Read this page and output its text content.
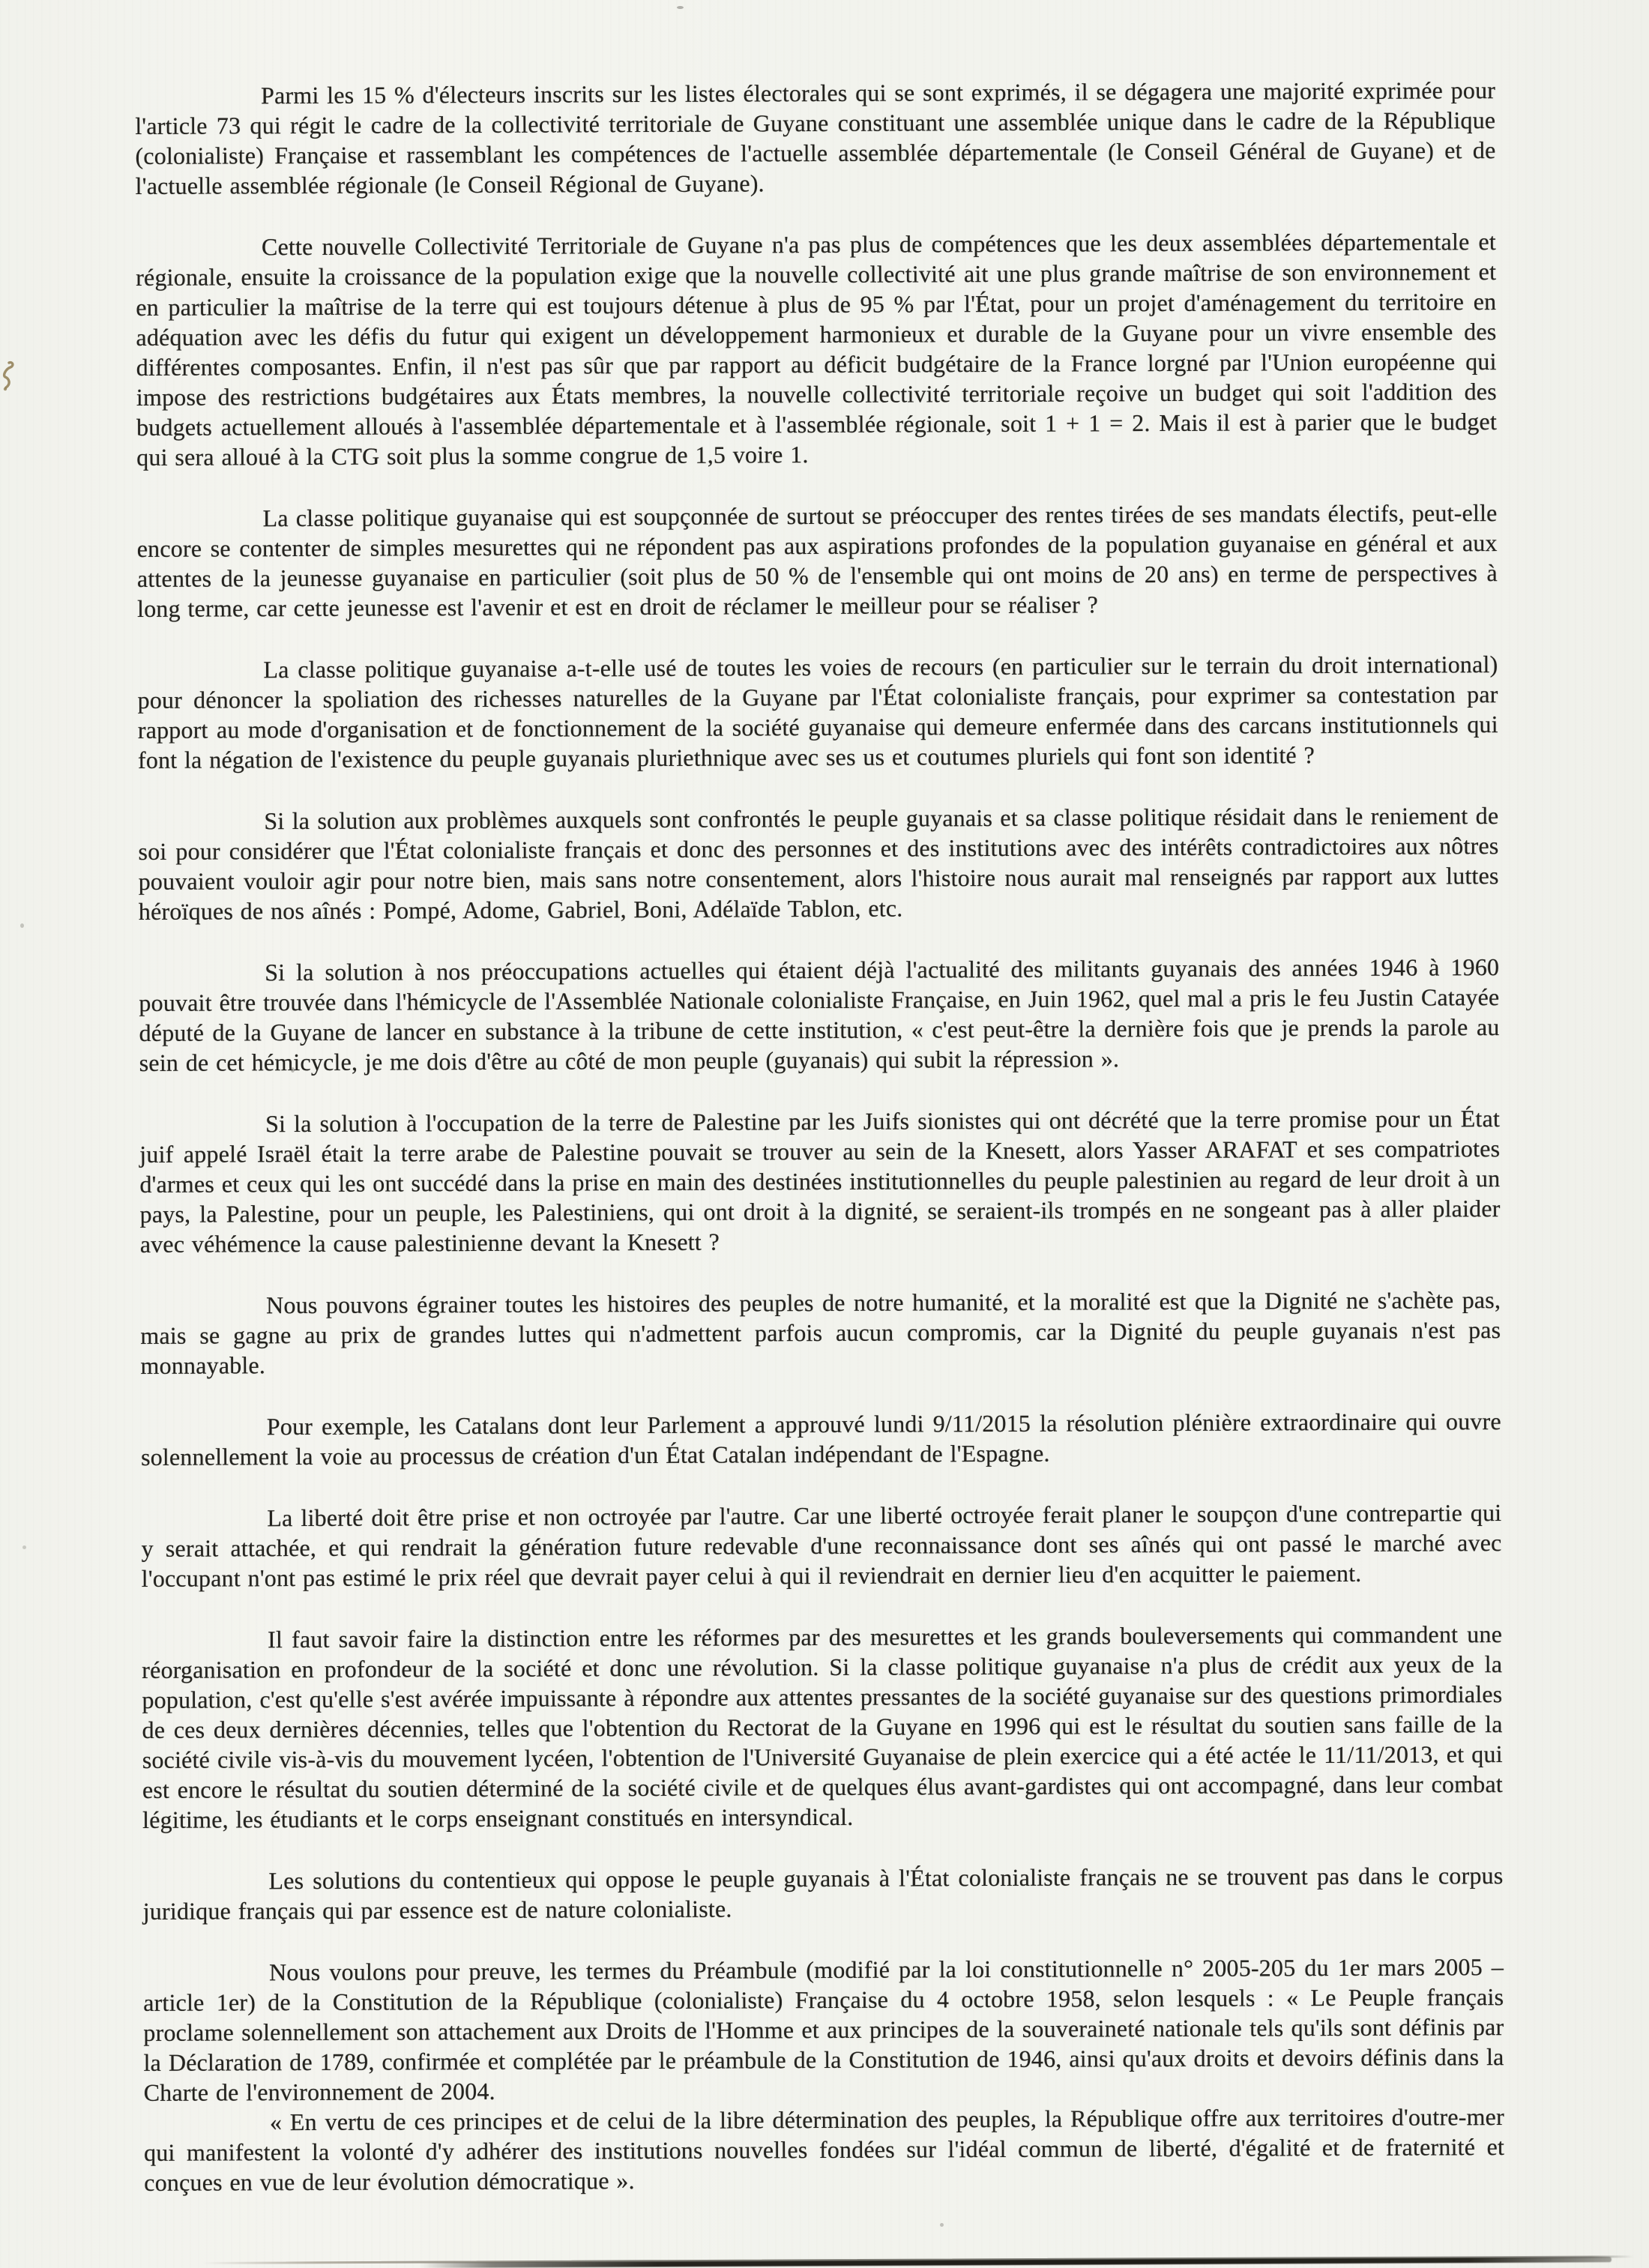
Parmi les 15 % d'électeurs inscrits sur les listes électorales qui se sont exprimés, il se dégagera une majorité exprimée pour l'article 73 qui régit le cadre de la collectivité territoriale de Guyane constituant une assemblée unique dans le cadre de la République (colonialiste) Française et rassemblant les compétences de l'actuelle assemblée départementale (le Conseil Général de Guyane) et de l'actuelle assemblée régionale (le Conseil Régional de Guyane).

Cette nouvelle Collectivité Territoriale de Guyane n'a pas plus de compétences que les deux assemblées départementale et régionale, ensuite la croissance de la population exige que la nouvelle collectivité ait une plus grande maîtrise de son environnement et en particulier la maîtrise de la terre qui est toujours détenue à plus de 95 % par l'État, pour un projet d'aménagement du territoire en adéquation avec les défis du futur qui exigent un développement harmonieux et durable de la Guyane pour un vivre ensemble des différentes composantes. Enfin, il n'est pas sûr que par rapport au déficit budgétaire de la France lorgné par l'Union européenne qui impose des restrictions budgétaires aux États membres, la nouvelle collectivité territoriale reçoive un budget qui soit l'addition des budgets actuellement alloués à l'assemblée départementale et à l'assemblée régionale, soit 1 + 1 = 2. Mais il est à parier que le budget qui sera alloué à la CTG soit plus la somme congrue de 1,5 voire 1.

La classe politique guyanaise qui est soupçonnée de surtout se préoccuper des rentes tirées de ses mandats électifs, peut-elle encore se contenter de simples mesurettes qui ne répondent pas aux aspirations profondes de la population guyanaise en général et aux attentes de la jeunesse guyanaise en particulier (soit plus de 50 % de l'ensemble qui ont moins de 20 ans) en terme de perspectives à long terme, car cette jeunesse est l'avenir et est en droit de réclamer le meilleur pour se réaliser ?

La classe politique guyanaise a-t-elle usé de toutes les voies de recours (en particulier sur le terrain du droit international) pour dénoncer la spoliation des richesses naturelles de la Guyane par l'État colonialiste français, pour exprimer sa contestation par rapport au mode d'organisation et de fonctionnement de la société guyanaise qui demeure enfermée dans des carcans institutionnels qui font la négation de l'existence du peuple guyanais pluriethnique avec ses us et coutumes pluriels qui font son identité ?

Si la solution aux problèmes auxquels sont confrontés le peuple guyanais et sa classe politique résidait dans le reniement de soi pour considérer que l'État colonialiste français et donc des personnes et des institutions avec des intérêts contradictoires aux nôtres pouvaient vouloir agir pour notre bien, mais sans notre consentement, alors l'histoire nous aurait mal renseignés par rapport aux luttes héroïques de nos aînés : Pompé, Adome, Gabriel, Boni, Adélaïde Tablon, etc.

Si la solution à nos préoccupations actuelles qui étaient déjà l'actualité des militants guyanais des années 1946 à 1960 pouvait être trouvée dans l'hémicycle de l'Assemblée Nationale colonialiste Française, en Juin 1962, quel mal a pris le feu Justin Catayée député de la Guyane de lancer en substance à la tribune de cette institution, « c'est peut-être la dernière fois que je prends la parole au sein de cet hémicycle, je me dois d'être au côté de mon peuple (guyanais) qui subit la répression ».

Si la solution à l'occupation de la terre de Palestine par les Juifs sionistes qui ont décrété que la terre promise pour un État juif appelé Israël était la terre arabe de Palestine pouvait se trouver au sein de la Knesett, alors Yasser ARAFAT et ses compatriotes d'armes et ceux qui les ont succédé dans la prise en main des destinées institutionnelles du peuple palestinien au regard de leur droit à un pays, la Palestine, pour un peuple, les Palestiniens, qui ont droit à la dignité, se seraient-ils trompés en ne songeant pas à aller plaider avec véhémence la cause palestinienne devant la Knesett ?

Nous pouvons égrainer toutes les histoires des peuples de notre humanité, et la moralité est que la Dignité ne s'achète pas, mais se gagne au prix de grandes luttes qui n'admettent parfois aucun compromis, car la Dignité du peuple guyanais n'est pas monnayable.

Pour exemple, les Catalans dont leur Parlement a approuvé lundi 9/11/2015 la résolution plénière extraordinaire qui ouvre solennellement la voie au processus de création d'un État Catalan indépendant de l'Espagne.

La liberté doit être prise et non octroyée par l'autre. Car une liberté octroyée ferait planer le soupçon d'une contrepartie qui y serait attachée, et qui rendrait la génération future redevable d'une reconnaissance dont ses aînés qui ont passé le marché avec l'occupant n'ont pas estimé le prix réel que devrait payer celui à qui il reviendrait en dernier lieu d'en acquitter le paiement.

Il faut savoir faire la distinction entre les réformes par des mesurettes et les grands bouleversements qui commandent une réorganisation en profondeur de la société et donc une révolution. Si la classe politique guyanaise n'a plus de crédit aux yeux de la population, c'est qu'elle s'est avérée impuissante à répondre aux attentes pressantes de la société guyanaise sur des questions primordiales de ces deux dernières décennies, telles que l'obtention du Rectorat de la Guyane en 1996 qui est le résultat du soutien sans faille de la société civile vis-à-vis du mouvement lycéen, l'obtention de l'Université Guyanaise de plein exercice qui a été actée le 11/11/2013, et qui est encore le résultat du soutien déterminé de la société civile et de quelques élus avant-gardistes qui ont accompagné, dans leur combat légitime, les étudiants et le corps enseignant constitués en intersyndical.

Les solutions du contentieux qui oppose le peuple guyanais à l'État colonialiste français ne se trouvent pas dans le corpus juridique français qui par essence est de nature colonialiste.

Nous voulons pour preuve, les termes du Préambule (modifié par la loi constitutionnelle n° 2005-205 du 1er mars 2005 – article 1er) de la Constitution de la République (colonialiste) Française du 4 octobre 1958, selon lesquels : « Le Peuple français proclame solennellement son attachement aux Droits de l'Homme et aux principes de la souveraineté nationale tels qu'ils sont définis par la Déclaration de 1789, confirmée et complétée par le préambule de la Constitution de 1946, ainsi qu'aux droits et devoirs définis dans la Charte de l'environnement de 2004.

« En vertu de ces principes et de celui de la libre détermination des peuples, la République offre aux territoires d'outre-mer qui manifestent la volonté d'y adhérer des institutions nouvelles fondées sur l'idéal commun de liberté, d'égalité et de fraternité et conçues en vue de leur évolution démocratique ».
